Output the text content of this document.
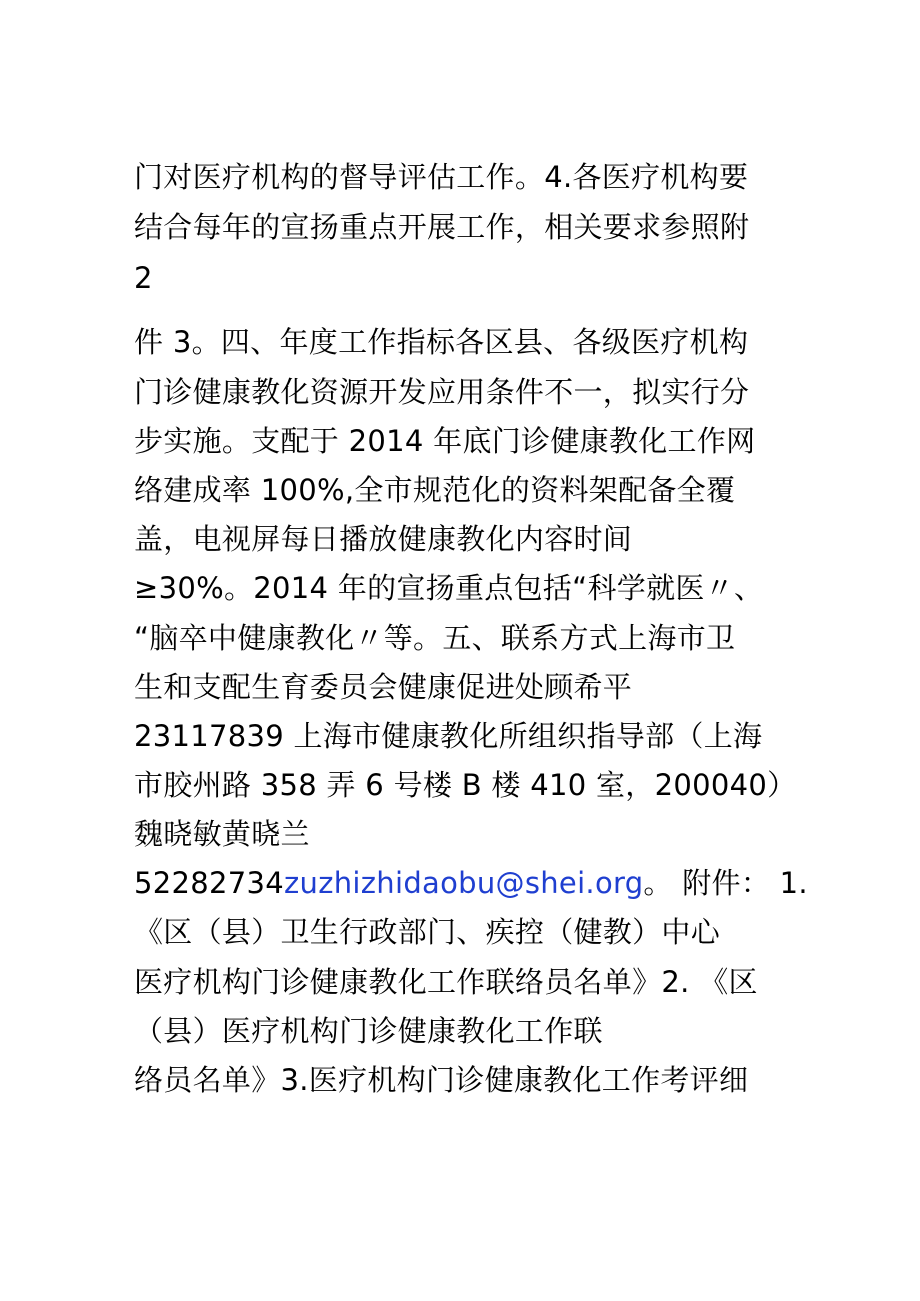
门对医疗机构的督导评估工作。4.各医疗机构要
结合每年的宣扬重点开展工作，相关要求参照附
2
件 3。四、年度工作指标各区县、各级医疗机构
门诊健康教化资源开发应用条件不一，拟实行分
步实施。支配于 2014 年底门诊健康教化工作网
络建成率 100%,全市规范化的资料架配备全覆
盖，电视屏每日播放健康教化内容时间
≥30%。2014 年的宣扬重点包括“科学就医〃、
“脑卒中健康教化〃等。五、联系方式上海市卫
生和支配生育委员会健康促进处顾希平
23117839 上海市健康教化所组织指导部（上海
市胶州路 358 弄 6 号楼 B 楼 410 室，200040）
魏晓敏黄晓兰
52282734zuzhizhidaobu@shei.org。 附件： 1.
《区（县）卫生行政部门、疾控（健教）中心
医疗机构门诊健康教化工作联络员名单》2. 《区
（县）医疗机构门诊健康教化工作联
络员名单》3.医疗机构门诊健康教化工作考评细
